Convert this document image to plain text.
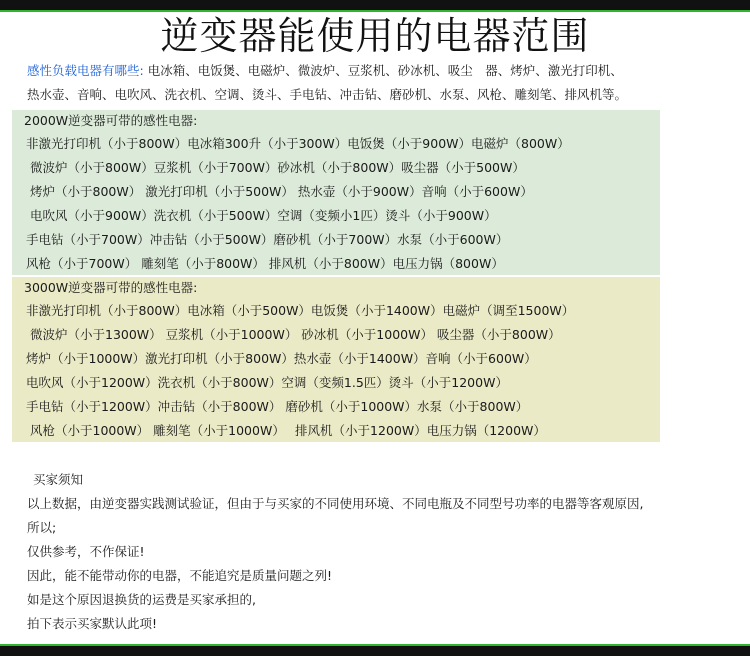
逆变器能使用的电器范围
感性负载电器有哪些: 电冰箱、电饭煲、电磁炉、微波炉、豆浆机、砂冰机、吸尘　器、烤炉、激光打印机、
热水壶、音响、电吹风、洗衣机、空调、烫斗、手电钻、冲击钻、磨砂机、水泵、风枪、雕刻笔、排风机等。
2000W逆变器可带的感性电器:
非激光打印机（小于800W）电冰箱300升（小于300W）电饭煲（小于900W）电磁炉（800W）
微波炉（小于800W）豆浆机（小于700W）砂冰机（小于800W）吸尘器（小于500W）
烤炉（小于800W） 激光打印机（小于500W） 热水壶（小于900W）音响（小于600W）
电吹风（小于900W）洗衣机（小于500W）空调（变频小1匹）烫斗（小于900W）
手电钻（小于700W）冲击钻（小于500W）磨砂机（小于700W）水泵（小于600W）
风枪（小于700W） 雕刻笔（小于800W） 排风机（小于800W）电压力锅（800W）
3000W逆变器可带的感性电器:
非激光打印机（小于800W）电冰箱（小于500W）电饭煲（小于1400W）电磁炉（调至1500W）
微波炉（小于1300W） 豆浆机（小于1000W） 砂冰机（小于1000W） 吸尘器（小于800W）
烤炉（小于1000W）激光打印机（小于800W）热水壶（小于1400W）音响（小于600W）
电吹风（小于1200W）洗衣机（小于800W）空调（变频1.5匹）烫斗（小于1200W）
手电钻（小于1200W）冲击钻（小于800W） 磨砂机（小于1000W）水泵（小于800W）
风枪（小于1000W） 雕刻笔（小于1000W）　 排风机（小于1200W）电压力锅（1200W）
买家须知
以上数据，由逆变器实践测试验证，但由于与买家的不同使用环境、不同电瓶及不同型号功率的电器等客观原因,
所以;
仅供参考，不作保证!
因此，能不能带动你的电器，不能追究是质量问题之列!
如是这个原因退换货的运费是买家承担的,
拍下表示买家默认此项!
